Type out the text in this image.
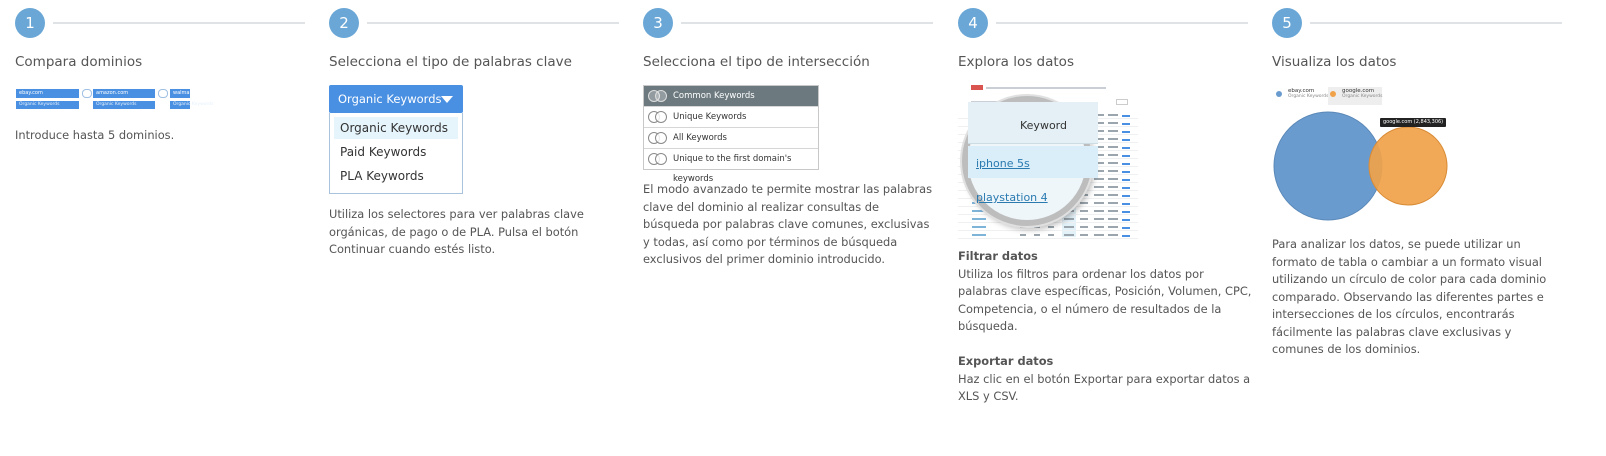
1
Compara dominios
ebay.com	amazon.com	walmart.com
Organic Keywords	Organic Keywords	Organic Keywords
Introduce hasta 5 dominios.
2
Selecciona el tipo de palabras clave
Organic Keywords
Organic Keywords
Paid Keywords
PLA Keywords
Utiliza los selectores para ver palabras clave orgánicas, de pago o de PLA. Pulsa el botón Continuar cuando estés listo.
3
Selecciona el tipo de intersección
Common Keywords
Unique Keywords
All Keywords
Unique to the first domain's keywords
El modo avanzado te permite mostrar las palabras clave del dominio al realizar consultas de búsqueda por palabras clave comunes, exclusivas y todas, así como por términos de búsqueda exclusivos del primer dominio introducido.
4
Explora los datos
Keyword
iphone 5s
playstation 4
Filtrar datos
Utiliza los filtros para ordenar los datos por palabras clave específicas, Posición, Volumen, CPC, Competencia, o el número de resultados de la búsqueda.

Exportar datos
Haz clic en el botón Exportar para exportar datos a XLS y CSV.
5
Visualiza los datos
ebay.com
Organic Keywords
google.com
Organic Keywords
google.com (2,843,306)
Para analizar los datos, se puede utilizar un formato de tabla o cambiar a un formato visual utilizando un círculo de color para cada dominio comparado. Observando las diferentes partes e intersecciones de los círculos, encontrarás fácilmente las palabras clave exclusivas y comunes de los dominios.
